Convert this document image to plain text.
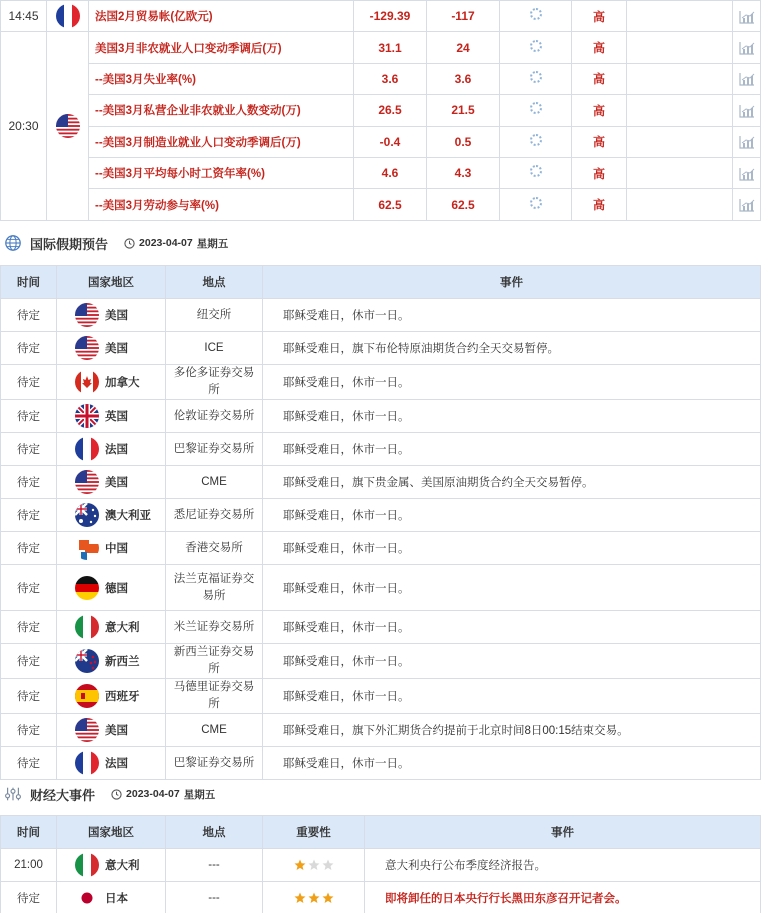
14:45		法国2月贸易帐(亿欧元)	-129.39	-117		高		
20:30		美国3月非农就业人口变动季调后(万)	31.1	24		高		
		--美国3月失业率(%)	3.6	3.6		高		
		--美国3月私营企业非农就业人数变动(万)	26.5	21.5		高		
		--美国3月制造业就业人口变动季调后(万)	-0.4	0.5		高		
		--美国3月平均每小时工资年率(%)	4.6	4.3		高		
		--美国3月劳动参与率(%)	62.5	62.5		高		
国际假期预告	2023-04-07 星期五
时间	国家地区	地点	事件
待定	美国	纽交所	耶稣受难日，休市一日。
待定	美国	ICE	耶稣受难日，旗下布伦特原油期货合约全天交易暂停。
待定	加拿大	多伦多证券交易所	耶稣受难日，休市一日。
待定	英国	伦敦证券交易所	耶稣受难日，休市一日。
待定	法国	巴黎证券交易所	耶稣受难日，休市一日。
待定	美国	CME	耶稣受难日，旗下贵金属、美国原油期货合约全天交易暂停。
待定	澳大利亚	悉尼证券交易所	耶稣受难日，休市一日。
待定	中国	香港交易所	耶稣受难日，休市一日。
待定	德国	法兰克福证券交易所	耶稣受难日，休市一日。
待定	意大利	米兰证券交易所	耶稣受难日，休市一日。
待定	新西兰	新西兰证券交易所	耶稣受难日，休市一日。
待定	西班牙	马德里证券交易所	耶稣受难日，休市一日。
待定	美国	CME	耶稣受难日，旗下外汇期货合约提前于北京时间8日00:15结束交易。
待定	法国	巴黎证券交易所	耶稣受难日，休市一日。
财经大事件	2023-04-07 星期五
时间	国家地区	地点	重要性	事件
21:00	意大利	---		意大利央行公布季度经济报告。
待定	日本	---		即将卸任的日本央行行长黑田东彦召开记者会。
